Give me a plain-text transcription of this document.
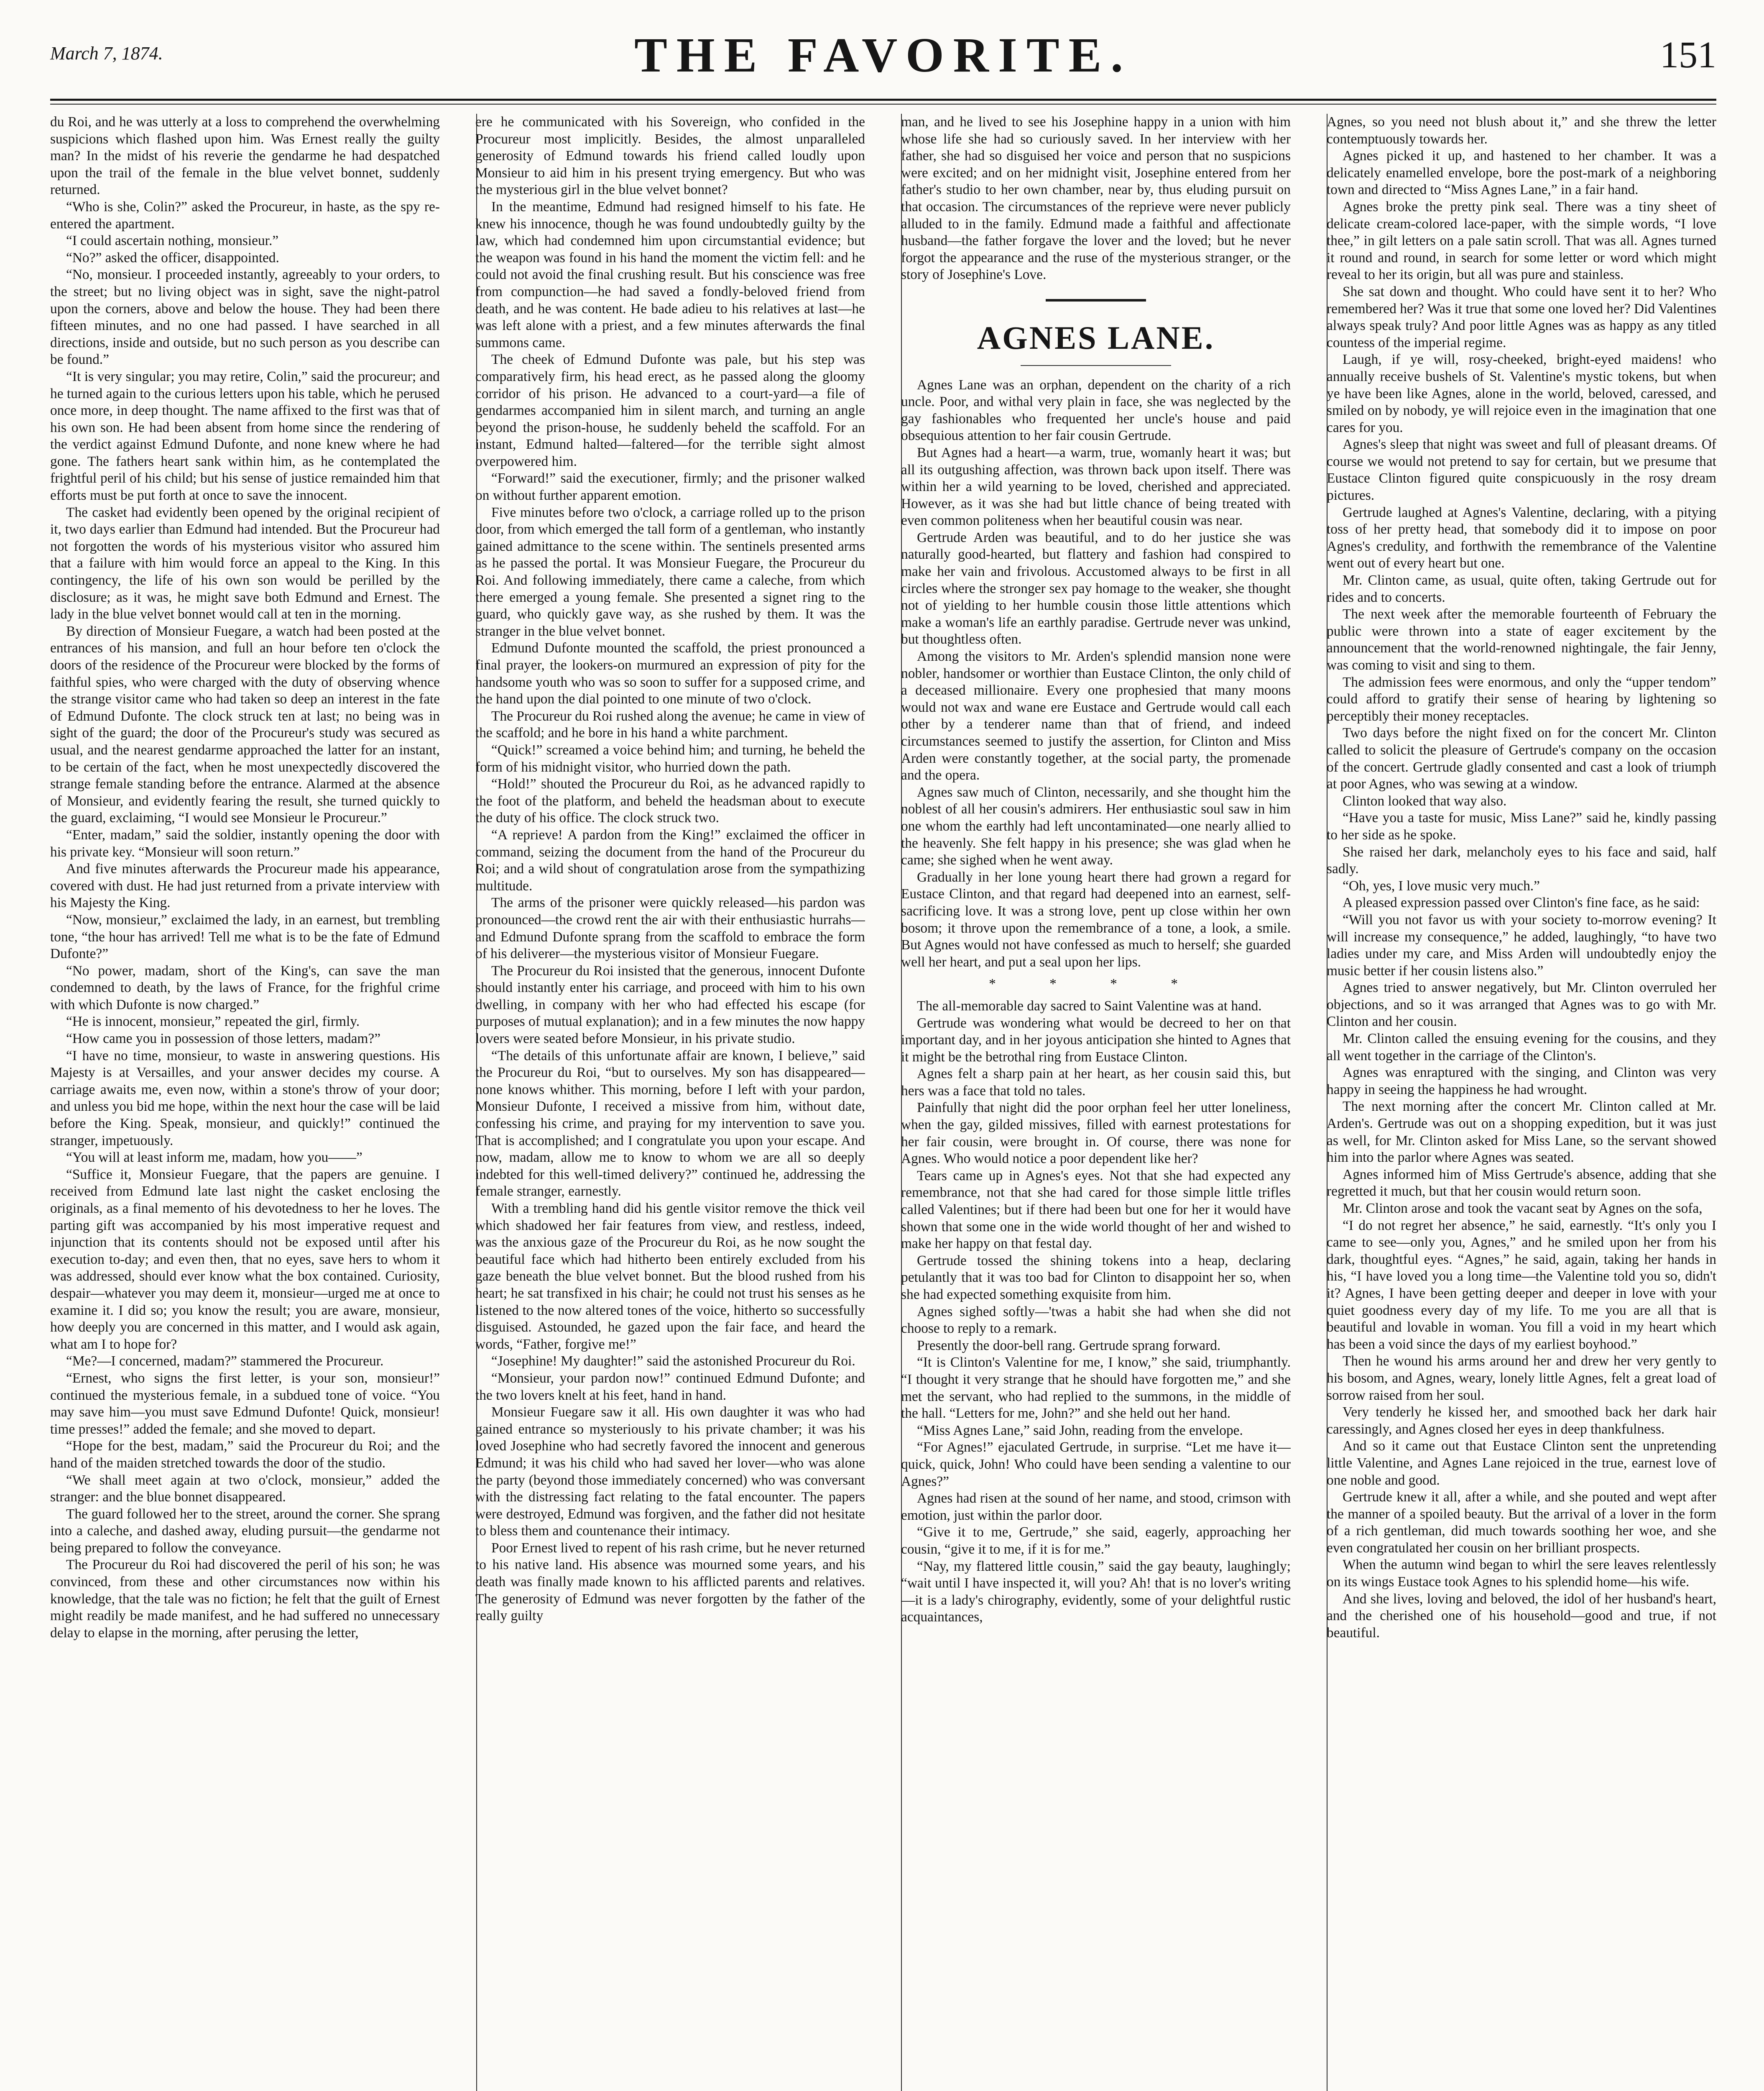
March 7, 1874.	THE FAVORITE.	151

du Roi, and he was utterly at a loss to comprehend the overwhelming suspicions which flashed upon him. Was Ernest really the guilty man? In the midst of his reverie the gendarme he had despatched upon the trail of the female in the blue velvet bonnet, suddenly returned.

“Who is she, Colin?” asked the Procureur, in haste, as the spy re-entered the apartment.

“I could ascertain nothing, monsieur.”

“No?” asked the officer, disappointed.

“No, monsieur. I proceeded instantly, agreeably to your orders, to the street; but no living object was in sight, save the night-patrol upon the corners, above and below the house. They had been there fifteen minutes, and no one had passed. I have searched in all directions, inside and outside, but no such person as you describe can be found.”

“It is very singular; you may retire, Colin,” said the procureur; and he turned again to the curious letters upon his table, which he perused once more, in deep thought. The name affixed to the first was that of his own son. He had been absent from home since the rendering of the verdict against Edmund Dufonte, and none knew where he had gone. The fathers heart sank within him, as he contemplated the frightful peril of his child; but his sense of justice remainded him that efforts must be put forth at once to save the innocent.

The casket had evidently been opened by the original recipient of it, two days earlier than Edmund had intended. But the Procureur had not forgotten the words of his mysterious visitor who assured him that a failure with him would force an appeal to the King. In this contingency, the life of his own son would be perilled by the disclosure; as it was, he might save both Edmund and Ernest. The lady in the blue velvet bonnet would call at ten in the morning.

By direction of Monsieur Fuegare, a watch had been posted at the entrances of his mansion, and full an hour before ten o'clock the doors of the residence of the Procureur were blocked by the forms of faithful spies, who were charged with the duty of observing whence the strange visitor came who had taken so deep an interest in the fate of Edmund Dufonte. The clock struck ten at last; no being was in sight of the guard; the door of the Procureur's study was secured as usual, and the nearest gendarme approached the latter for an instant, to be certain of the fact, when he most unexpectedly discovered the strange female standing before the entrance. Alarmed at the absence of Monsieur, and evidently fearing the result, she turned quickly to the guard, exclaiming, “I would see Monsieur le Procureur.”

“Enter, madam,” said the soldier, instantly opening the door with his private key. “Monsieur will soon return.”

And five minutes afterwards the Procureur made his appearance, covered with dust. He had just returned from a private interview with his Majesty the King.

“Now, monsieur,” exclaimed the lady, in an earnest, but trembling tone, “the hour has arrived! Tell me what is to be the fate of Edmund Dufonte?”

“No power, madam, short of the King's, can save the man condemned to death, by the laws of France, for the frighful crime with which Dufonte is now charged.”

“He is innocent, monsieur,” repeated the girl, firmly.

“How came you in possession of those letters, madam?”

“I have no time, monsieur, to waste in answering questions. His Majesty is at Versailles, and your answer decides my course. A carriage awaits me, even now, within a stone's throw of your door; and unless you bid me hope, within the next hour the case will be laid before the King. Speak, monsieur, and quickly!” continued the stranger, impetuously.

“You will at least inform me, madam, how you——”

“Suffice it, Monsieur Fuegare, that the papers are genuine. I received from Edmund late last night the casket enclosing the originals, as a final memento of his devotedness to her he loves. The parting gift was accompanied by his most imperative request and injunction that its contents should not be exposed until after his execution to-day; and even then, that no eyes, save hers to whom it was addressed, should ever know what the box contained. Curiosity, despair—whatever you may deem it, monsieur—urged me at once to examine it. I did so; you know the result; you are aware, monsieur, how deeply you are concerned in this matter, and I would ask again, what am I to hope for?

“Me?—I concerned, madam?” stammered the Procureur.

“Ernest, who signs the first letter, is your son, monsieur!” continued the mysterious female, in a subdued tone of voice. “You may save him—you must save Edmund Dufonte! Quick, monsieur! time presses!” added the female; and she moved to depart.

“Hope for the best, madam,” said the Procureur du Roi; and the hand of the maiden stretched towards the door of the studio.

“We shall meet again at two o'clock, monsieur,” added the stranger: and the blue bonnet disappeared.

The guard followed her to the street, around the corner. She sprang into a caleche, and dashed away, eluding pursuit—the gendarme not being prepared to follow the conveyance.

The Procureur du Roi had discovered the peril of his son; he was convinced, from these and other circumstances now within his knowledge, that the tale was no fiction; he felt that the guilt of Ernest might readily be made manifest, and he had suffered no unnecessary delay to elapse in the morning, after perusing the letter,

ere he communicated with his Sovereign, who confided in the Procureur most implicitly. Besides, the almost unparalleled generosity of Edmund towards his friend called loudly upon Monsieur to aid him in his present trying emergency. But who was the mysterious girl in the blue velvet bonnet?

In the meantime, Edmund had resigned himself to his fate. He knew his innocence, though he was found undoubtedly guilty by the law, which had condemned him upon circumstantial evidence; but the weapon was found in his hand the moment the victim fell: and he could not avoid the final crushing result. But his conscience was free from compunction—he had saved a fondly-beloved friend from death, and he was content. He bade adieu to his relatives at last—he was left alone with a priest, and a few minutes afterwards the final summons came.

The cheek of Edmund Dufonte was pale, but his step was comparatively firm, his head erect, as he passed along the gloomy corridor of his prison. He advanced to a court-yard—a file of gendarmes accompanied him in silent march, and turning an angle beyond the prison-house, he suddenly beheld the scaffold. For an instant, Edmund halted—faltered—for the terrible sight almost overpowered him.

“Forward!” said the executioner, firmly; and the prisoner walked on without further apparent emotion.

Five minutes before two o'clock, a carriage rolled up to the prison door, from which emerged the tall form of a gentleman, who instantly gained admittance to the scene within. The sentinels presented arms as he passed the portal. It was Monsieur Fuegare, the Procureur du Roi. And following immediately, there came a caleche, from which there emerged a young female. She presented a signet ring to the guard, who quickly gave way, as she rushed by them. It was the stranger in the blue velvet bonnet.

Edmund Dufonte mounted the scaffold, the priest pronounced a final prayer, the lookers-on murmured an expression of pity for the handsome youth who was so soon to suffer for a supposed crime, and the hand upon the dial pointed to one minute of two o'clock.

The Procureur du Roi rushed along the avenue; he came in view of the scaffold; and he bore in his hand a white parchment.

“Quick!” screamed a voice behind him; and turning, he beheld the form of his midnight visitor, who hurried down the path.

“Hold!” shouted the Procureur du Roi, as he advanced rapidly to the foot of the platform, and beheld the headsman about to execute the duty of his office. The clock struck two.

“A reprieve! A pardon from the King!” exclaimed the officer in command, seizing the document from the hand of the Procureur du Roi; and a wild shout of congratulation arose from the sympathizing multitude.

The arms of the prisoner were quickly released—his pardon was pronounced—the crowd rent the air with their enthusiastic hurrahs—and Edmund Dufonte sprang from the scaffold to embrace the form of his deliverer—the mysterious visitor of Monsieur Fuegare.

The Procureur du Roi insisted that the generous, innocent Dufonte should instantly enter his carriage, and proceed with him to his own dwelling, in company with her who had effected his escape (for purposes of mutual explanation); and in a few minutes the now happy lovers were seated before Monsieur, in his private studio.

“The details of this unfortunate affair are known, I believe,” said the Procureur du Roi, “but to ourselves. My son has disappeared—none knows whither. This morning, before I left with your pardon, Monsieur Dufonte, I received a missive from him, without date, confessing his crime, and praying for my intervention to save you. That is accomplished; and I congratulate you upon your escape. And now, madam, allow me to know to whom we are all so deeply indebted for this well-timed delivery?” continued he, addressing the female stranger, earnestly.

With a trembling hand did his gentle visitor remove the thick veil which shadowed her fair features from view, and restless, indeed, was the anxious gaze of the Procureur du Roi, as he now sought the beautiful face which had hitherto been entirely excluded from his gaze beneath the blue velvet bonnet. But the blood rushed from his heart; he sat transfixed in his chair; he could not trust his senses as he listened to the now altered tones of the voice, hitherto so successfully disguised. Astounded, he gazed upon the fair face, and heard the words, “Father, forgive me!”

“Josephine! My daughter!” said the astonished Procureur du Roi.

“Monsieur, your pardon now!” continued Edmund Dufonte; and the two lovers knelt at his feet, hand in hand.

Monsieur Fuegare saw it all. His own daughter it was who had gained entrance so mysteriously to his private chamber; it was his loved Josephine who had secretly favored the innocent and generous Edmund; it was his child who had saved her lover—who was alone the party (beyond those immediately concerned) who was conversant with the distressing fact relating to the fatal encounter. The papers were destroyed, Edmund was forgiven, and the father did not hesitate to bless them and countenance their intimacy.

Poor Ernest lived to repent of his rash crime, but he never returned to his native land. His absence was mourned some years, and his death was finally made known to his afflicted parents and relatives. The generosity of Edmund was never forgotten by the father of the really guilty

man, and he lived to see his Josephine happy in a union with him whose life she had so curiously saved. In her interview with her father, she had so disguised her voice and person that no suspicions were excited; and on her midnight visit, Josephine entered from her father's studio to her own chamber, near by, thus eluding pursuit on that occasion. The circumstances of the reprieve were never publicly alluded to in the family. Edmund made a faithful and affectionate husband—the father forgave the lover and the loved; but he never forgot the appearance and the ruse of the mysterious stranger, or the story of Josephine's Love.

AGNES LANE.

Agnes Lane was an orphan, dependent on the charity of a rich uncle. Poor, and withal very plain in face, she was neglected by the gay fashionables who frequented her uncle's house and paid obsequious attention to her fair cousin Gertrude.

But Agnes had a heart—a warm, true, womanly heart it was; but all its outgushing affection, was thrown back upon itself. There was within her a wild yearning to be loved, cherished and appreciated. However, as it was she had but little chance of being treated with even common politeness when her beautiful cousin was near.

Gertrude Arden was beautiful, and to do her justice she was naturally good-hearted, but flattery and fashion had conspired to make her vain and frivolous. Accustomed always to be first in all circles where the stronger sex pay homage to the weaker, she thought not of yielding to her humble cousin those little attentions which make a woman's life an earthly paradise. Gertrude never was unkind, but thoughtless often.

Among the visitors to Mr. Arden's splendid mansion none were nobler, handsomer or worthier than Eustace Clinton, the only child of a deceased millionaire. Every one prophesied that many moons would not wax and wane ere Eustace and Gertrude would call each other by a tenderer name than that of friend, and indeed circumstances seemed to justify the assertion, for Clinton and Miss Arden were constantly together, at the social party, the promenade and the opera.

Agnes saw much of Clinton, necessarily, and she thought him the noblest of all her cousin's admirers. Her enthusiastic soul saw in him one whom the earthly had left uncontaminated—one nearly allied to the heavenly. She felt happy in his presence; she was glad when he came; she sighed when he went away.

Gradually in her lone young heart there had grown a regard for Eustace Clinton, and that regard had deepened into an earnest, self-sacrificing love. It was a strong love, pent up close within her own bosom; it throve upon the remembrance of a tone, a look, a smile. But Agnes would not have confessed as much to herself; she guarded well her heart, and put a seal upon her lips.

* * * *

The all-memorable day sacred to Saint Valentine was at hand.

Gertrude was wondering what would be decreed to her on that important day, and in her joyous anticipation she hinted to Agnes that it might be the betrothal ring from Eustace Clinton.

Agnes felt a sharp pain at her heart, as her cousin said this, but hers was a face that told no tales.

Painfully that night did the poor orphan feel her utter loneliness, when the gay, gilded missives, filled with earnest protestations for her fair cousin, were brought in. Of course, there was none for Agnes. Who would notice a poor dependent like her?

Tears came up in Agnes's eyes. Not that she had expected any remembrance, not that she had cared for those simple little trifles called Valentines; but if there had been but one for her it would have shown that some one in the wide world thought of her and wished to make her happy on that festal day.

Gertrude tossed the shining tokens into a heap, declaring petulantly that it was too bad for Clinton to disappoint her so, when she had expected something exquisite from him.

Agnes sighed softly—'twas a habit she had when she did not choose to reply to a remark.

Presently the door-bell rang. Gertrude sprang forward.

“It is Clinton's Valentine for me, I know,” she said, triumphantly. “I thought it very strange that he should have forgotten me,” and she met the servant, who had replied to the summons, in the middle of the hall. “Letters for me, John?” and she held out her hand.

“Miss Agnes Lane,” said John, reading from the envelope.

“For Agnes!” ejaculated Gertrude, in surprise. “Let me have it—quick, quick, John! Who could have been sending a valentine to our Agnes?”

Agnes had risen at the sound of her name, and stood, crimson with emotion, just within the parlor door.

“Give it to me, Gertrude,” she said, eagerly, approaching her cousin, “give it to me, if it is for me.”

“Nay, my flattered little cousin,” said the gay beauty, laughingly; “wait until I have inspected it, will you? Ah! that is no lover's writing—it is a lady's chirography, evidently, some of your delightful rustic acquaintances,

Agnes, so you need not blush about it,” and she threw the letter contemptuously towards her.

Agnes picked it up, and hastened to her chamber. It was a delicately enamelled envelope, bore the post-mark of a neighboring town and directed to “Miss Agnes Lane,” in a fair hand.

Agnes broke the pretty pink seal. There was a tiny sheet of delicate cream-colored lace-paper, with the simple words, “I love thee,” in gilt letters on a pale satin scroll. That was all. Agnes turned it round and round, in search for some letter or word which might reveal to her its origin, but all was pure and stainless.

She sat down and thought. Who could have sent it to her? Who remembered her? Was it true that some one loved her? Did Valentines always speak truly? And poor little Agnes was as happy as any titled countess of the imperial regime.

Laugh, if ye will, rosy-cheeked, bright-eyed maidens! who annually receive bushels of St. Valentine's mystic tokens, but when ye have been like Agnes, alone in the world, beloved, caressed, and smiled on by nobody, ye will rejoice even in the imagination that one cares for you.

Agnes's sleep that night was sweet and full of pleasant dreams. Of course we would not pretend to say for certain, but we presume that Eustace Clinton figured quite conspicuously in the rosy dream pictures.

Gertrude laughed at Agnes's Valentine, declaring, with a pitying toss of her pretty head, that somebody did it to impose on poor Agnes's credulity, and forthwith the remembrance of the Valentine went out of every heart but one.

Mr. Clinton came, as usual, quite often, taking Gertrude out for rides and to concerts.

The next week after the memorable fourteenth of February the public were thrown into a state of eager excitement by the announcement that the world-renowned nightingale, the fair Jenny, was coming to visit and sing to them.

The admission fees were enormous, and only the “upper tendom” could afford to gratify their sense of hearing by lightening so perceptibly their money receptacles.

Two days before the night fixed on for the concert Mr. Clinton called to solicit the pleasure of Gertrude's company on the occasion of the concert. Gertrude gladly consented and cast a look of triumph at poor Agnes, who was sewing at a window.

Clinton looked that way also.

“Have you a taste for music, Miss Lane?” said he, kindly passing to her side as he spoke.

She raised her dark, melancholy eyes to his face and said, half sadly.

“Oh, yes, I love music very much.”

A pleased expression passed over Clinton's fine face, as he said:

“Will you not favor us with your society to-morrow evening? It will increase my consequence,” he added, laughingly, “to have two ladies under my care, and Miss Arden will undoubtedly enjoy the music better if her cousin listens also.”

Agnes tried to answer negatively, but Mr. Clinton overruled her objections, and so it was arranged that Agnes was to go with Mr. Clinton and her cousin.

Mr. Clinton called the ensuing evening for the cousins, and they all went together in the carriage of the Clinton's.

Agnes was enraptured with the singing, and Clinton was very happy in seeing the happiness he had wrought.

The next morning after the concert Mr. Clinton called at Mr. Arden's. Gertrude was out on a shopping expedition, but it was just as well, for Mr. Clinton asked for Miss Lane, so the servant showed him into the parlor where Agnes was seated.

Agnes informed him of Miss Gertrude's absence, adding that she regretted it much, but that her cousin would return soon.

Mr. Clinton arose and took the vacant seat by Agnes on the sofa,

“I do not regret her absence,” he said, earnestly. “It's only you I came to see—only you, Agnes,” and he smiled upon her from his dark, thoughtful eyes. “Agnes,” he said, again, taking her hands in his, “I have loved you a long time—the Valentine told you so, didn't it? Agnes, I have been getting deeper and deeper in love with your quiet goodness every day of my life. To me you are all that is beautiful and lovable in woman. You fill a void in my heart which has been a void since the days of my earliest boyhood.”

Then he wound his arms around her and drew her very gently to his bosom, and Agnes, weary, lonely little Agnes, felt a great load of sorrow raised from her soul.

Very tenderly he kissed her, and smoothed back her dark hair caressingly, and Agnes closed her eyes in deep thankfulness.

And so it came out that Eustace Clinton sent the unpretending little Valentine, and Agnes Lane rejoiced in the true, earnest love of one noble and good.

Gertrude knew it all, after a while, and she pouted and wept after the manner of a spoiled beauty. But the arrival of a lover in the form of a rich gentleman, did much towards soothing her woe, and she even congratulated her cousin on her brilliant prospects.

When the autumn wind began to whirl the sere leaves relentlessly on its wings Eustace took Agnes to his splendid home—his wife.

And she lives, loving and beloved, the idol of her husband's heart, and the cherished one of his household—good and true, if not beautiful.
